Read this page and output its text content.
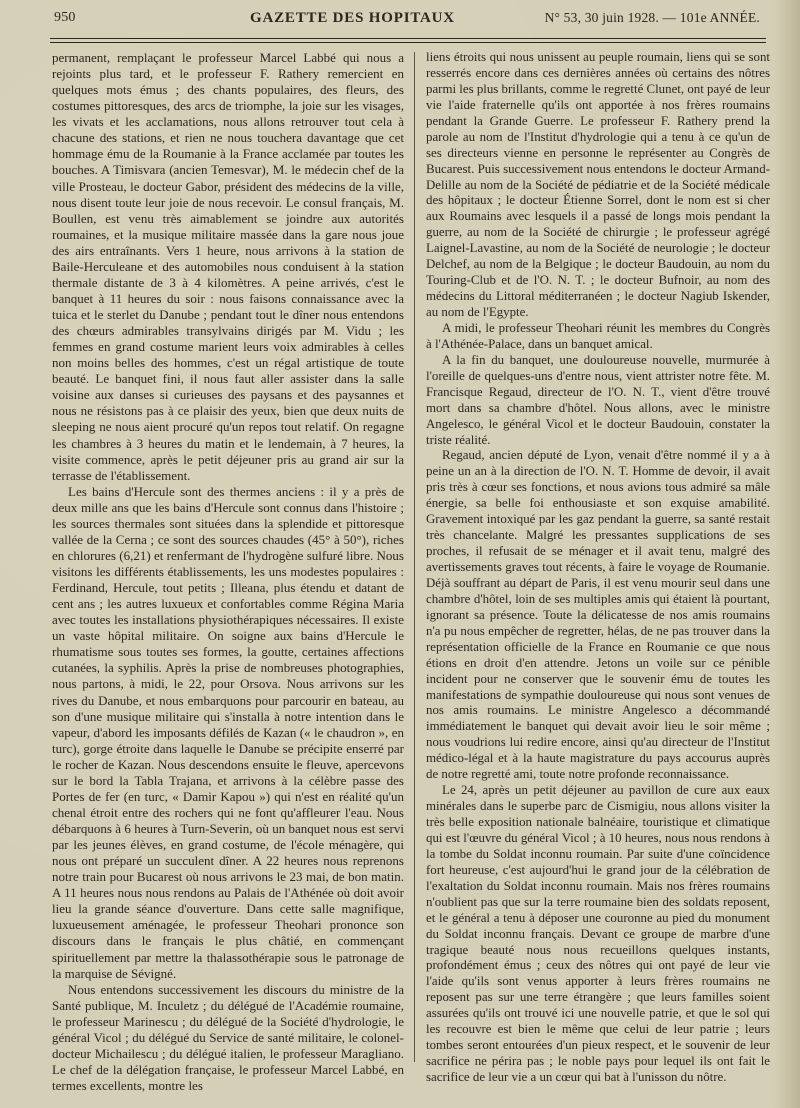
950	GAZETTE DES HOPITAUX	N° 53, 30 juin 1928. — 101e ANNÉE.

permanent, remplaçant le professeur Marcel Labbé qui nous a rejoints plus tard, et le professeur F. Rathery remercient en quelques mots émus ; des chants populaires, des fleurs, des costumes pittoresques, des arcs de triomphe, la joie sur les visages, les vivats et les acclamations, nous allons retrouver tout cela à chacune des stations, et rien ne nous touchera davantage que cet hommage ému de la Roumanie à la France acclamée par toutes les bouches. A Timisvara (ancien Temesvar), M. le médecin chef de la ville Prosteau, le docteur Gabor, président des médecins de la ville, nous disent toute leur joie de nous recevoir. Le consul français, M. Boullen, est venu très aimablement se joindre aux autorités roumaines, et la musique militaire massée dans la gare nous joue des airs entraînants. Vers 1 heure, nous arrivons à la station de Baile-Herculeane et des automobiles nous conduisent à la station thermale distante de 3 à 4 kilomètres. A peine arrivés, c'est le banquet à 11 heures du soir : nous faisons connaissance avec la tuica et le sterlet du Danube ; pendant tout le dîner nous entendons des chœurs admirables transylvains dirigés par M. Vidu ; les femmes en grand costume marient leurs voix admirables à celles non moins belles des hommes, c'est un régal artistique de toute beauté. Le banquet fini, il nous faut aller assister dans la salle voisine aux danses si curieuses des paysans et des paysannes et nous ne résistons pas à ce plaisir des yeux, bien que deux nuits de sleeping ne nous aient procuré qu'un repos tout relatif. On regagne les chambres à 3 heures du matin et le lendemain, à 7 heures, la visite commence, après le petit déjeuner pris au grand air sur la terrasse de l'établissement.

Les bains d'Hercule sont des thermes anciens : il y a près de deux mille ans que les bains d'Hercule sont connus dans l'histoire ; les sources thermales sont situées dans la splendide et pittoresque vallée de la Cerna ; ce sont des sources chaudes (45° à 50°), riches en chlorures (6,21) et renfermant de l'hydrogène sulfuré libre. Nous visitons les différents établissements, les uns modestes populaires : Ferdinand, Hercule, tout petits ; Illeana, plus étendu et datant de cent ans ; les autres luxueux et confortables comme Régina Maria avec toutes les installations physiothérapiques nécessaires. Il existe un vaste hôpital militaire. On soigne aux bains d'Hercule le rhumatisme sous toutes ses formes, la goutte, certaines affections cutanées, la syphilis. Après la prise de nombreuses photographies, nous partons, à midi, le 22, pour Orsova. Nous arrivons sur les rives du Danube, et nous embarquons pour parcourir en bateau, au son d'une musique militaire qui s'installa à notre intention dans le vapeur, d'abord les imposants défilés de Kazan (« le chaudron », en turc), gorge étroite dans laquelle le Danube se précipite enserré par le rocher de Kazan. Nous descendons ensuite le fleuve, apercevons sur le bord la Tabla Trajana, et arrivons à la célèbre passe des Portes de fer (en turc, « Damir Kapou ») qui n'est en réalité qu'un chenal étroit entre des rochers qui ne font qu'affleurer l'eau. Nous débarquons à 6 heures à Turn-Severin, où un banquet nous est servi par les jeunes élèves, en grand costume, de l'école ménagère, qui nous ont préparé un succulent dîner. A 22 heures nous reprenons notre train pour Bucarest où nous arrivons le 23 mai, de bon matin. A 11 heures nous nous rendons au Palais de l'Athénée où doit avoir lieu la grande séance d'ouverture. Dans cette salle magnifique, luxueusement aménagée, le professeur Theohari prononce son discours dans le français le plus châtié, en commençant spirituellement par mettre la thalassothérapie sous le patronage de la marquise de Sévigné.

Nous entendons successivement les discours du ministre de la Santé publique, M. Inculetz ; du délégué de l'Académie roumaine, le professeur Marinescu ; du délégué de la Société d'hydrologie, le général Vicol ; du délégué du Service de santé militaire, le colonel-docteur Michailescu ; du délégué italien, le professeur Maragliano. Le chef de la délégation française, le professeur Marcel Labbé, en termes excellents, montre les

liens étroits qui nous unissent au peuple roumain, liens qui se sont resserrés encore dans ces dernières années où certains des nôtres parmi les plus brillants, comme le regretté Clunet, ont payé de leur vie l'aide fraternelle qu'ils ont apportée à nos frères roumains pendant la Grande Guerre. Le professeur F. Rathery prend la parole au nom de l'Institut d'hydrologie qui a tenu à ce qu'un de ses directeurs vienne en personne le représenter au Congrès de Bucarest. Puis successivement nous entendons le docteur Armand-Delille au nom de la Société de pédiatrie et de la Société médicale des hôpitaux ; le docteur Étienne Sorrel, dont le nom est si cher aux Roumains avec lesquels il a passé de longs mois pendant la guerre, au nom de la Société de chirurgie ; le professeur agrégé Laignel-Lavastine, au nom de la Société de neurologie ; le docteur Delchef, au nom de la Belgique ; le docteur Baudouin, au nom du Touring-Club et de l'O. N. T. ; le docteur Bufnoir, au nom des médecins du Littoral méditerranéen ; le docteur Nagiub Iskender, au nom de l'Egypte.

A midi, le professeur Theohari réunit les membres du Congrès à l'Athénée-Palace, dans un banquet amical.

A la fin du banquet, une douloureuse nouvelle, murmurée à l'oreille de quelques-uns d'entre nous, vient attrister notre fête. M. Francisque Regaud, directeur de l'O. N. T., vient d'être trouvé mort dans sa chambre d'hôtel. Nous allons, avec le ministre Angelesco, le général Vicol et le docteur Baudouin, constater la triste réalité.

Regaud, ancien député de Lyon, venait d'être nommé il y a à peine un an à la direction de l'O. N. T. Homme de devoir, il avait pris très à cœur ses fonctions, et nous avions tous admiré sa mâle énergie, sa belle foi enthousiaste et son exquise amabilité. Gravement intoxiqué par les gaz pendant la guerre, sa santé restait très chancelante. Malgré les pressantes supplications de ses proches, il refusait de se ménager et il avait tenu, malgré des avertissements graves tout récents, à faire le voyage de Roumanie. Déjà souffrant au départ de Paris, il est venu mourir seul dans une chambre d'hôtel, loin de ses multiples amis qui étaient là pourtant, ignorant sa présence. Toute la délicatesse de nos amis roumains n'a pu nous empêcher de regretter, hélas, de ne pas trouver dans la représentation officielle de la France en Roumanie ce que nous étions en droit d'en attendre. Jetons un voile sur ce pénible incident pour ne conserver que le souvenir ému de toutes les manifestations de sympathie douloureuse qui nous sont venues de nos amis roumains. Le ministre Angelesco a décommandé immédiatement le banquet qui devait avoir lieu le soir même ; nous voudrions lui redire encore, ainsi qu'au directeur de l'Institut médico-légal et à la haute magistrature du pays accourus auprès de notre regretté ami, toute notre profonde reconnaissance.

Le 24, après un petit déjeuner au pavillon de cure aux eaux minérales dans le superbe parc de Cismigiu, nous allons visiter la très belle exposition nationale balnéaire, touristique et climatique qui est l'œuvre du général Vicol ; à 10 heures, nous nous rendons à la tombe du Soldat inconnu roumain. Par suite d'une coïncidence fort heureuse, c'est aujourd'hui le grand jour de la célébration de l'exaltation du Soldat inconnu roumain. Mais nos frères roumains n'oublient pas que sur la terre roumaine bien des soldats reposent, et le général a tenu à déposer une couronne au pied du monument du Soldat inconnu français. Devant ce groupe de marbre d'une tragique beauté nous nous recueillons quelques instants, profondément émus ; ceux des nôtres qui ont payé de leur vie l'aide qu'ils sont venus apporter à leurs frères roumains ne reposent pas sur une terre étrangère ; que leurs familles soient assurées qu'ils ont trouvé ici une nouvelle patrie, et que le sol qui les recouvre est bien le même que celui de leur patrie ; leurs tombes seront entourées d'un pieux respect, et le souvenir de leur sacrifice ne périra pas ; le noble pays pour lequel ils ont fait le sacrifice de leur vie a un cœur qui bat à l'unisson du nôtre.
